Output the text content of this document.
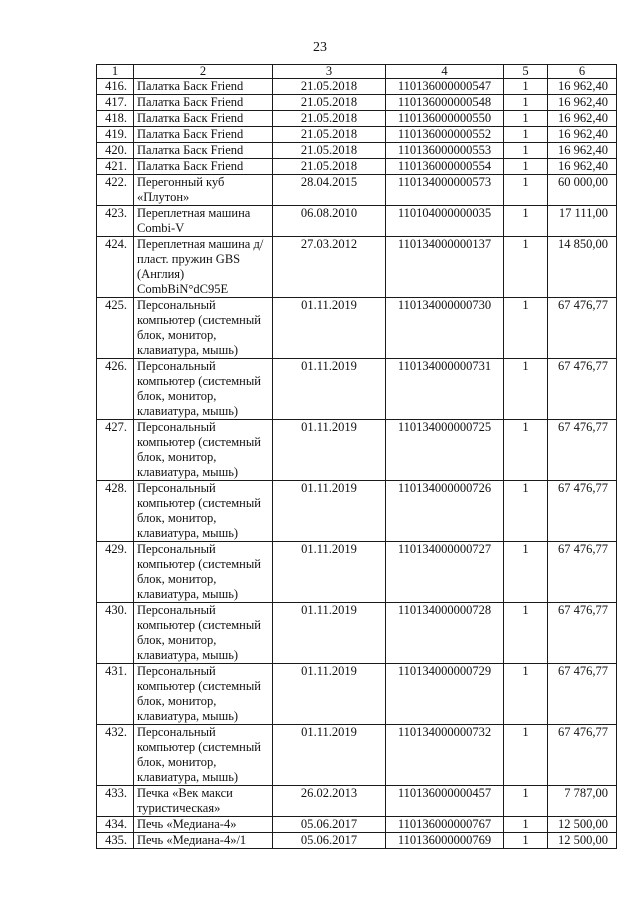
23
1	2	3	4	5	6
416.	Палатка Баск Friend	21.05.2018	110136000000547	1	16 962,40
417.	Палатка Баск Friend	21.05.2018	110136000000548	1	16 962,40
418.	Палатка Баск Friend	21.05.2018	110136000000550	1	16 962,40
419.	Палатка Баск Friend	21.05.2018	110136000000552	1	16 962,40
420.	Палатка Баск Friend	21.05.2018	110136000000553	1	16 962,40
421.	Палатка Баск Friend	21.05.2018	110136000000554	1	16 962,40
422.	Перегонный куб «Плутон»	28.04.2015	110134000000573	1	60 000,00
423.	Переплетная машина Combi-V	06.08.2010	110104000000035	1	17 111,00
424.	Переплетная машина д/пласт. пружин GBS (Англия) CombBiN°dC95E	27.03.2012	110134000000137	1	14 850,00
425.	Персональный компьютер (системный блок, монитор, клавиатура, мышь)	01.11.2019	110134000000730	1	67 476,77
426.	Персональный компьютер (системный блок, монитор, клавиатура, мышь)	01.11.2019	110134000000731	1	67 476,77
427.	Персональный компьютер (системный блок, монитор, клавиатура, мышь)	01.11.2019	110134000000725	1	67 476,77
428.	Персональный компьютер (системный блок, монитор, клавиатура, мышь)	01.11.2019	110134000000726	1	67 476,77
429.	Персональный компьютер (системный блок, монитор, клавиатура, мышь)	01.11.2019	110134000000727	1	67 476,77
430.	Персональный компьютер (системный блок, монитор, клавиатура, мышь)	01.11.2019	110134000000728	1	67 476,77
431.	Персональный компьютер (системный блок, монитор, клавиатура, мышь)	01.11.2019	110134000000729	1	67 476,77
432.	Персональный компьютер (системный блок, монитор, клавиатура, мышь)	01.11.2019	110134000000732	1	67 476,77
433.	Печка «Век макси туристическая»	26.02.2013	110136000000457	1	7 787,00
434.	Печь «Медиана-4»	05.06.2017	110136000000767	1	12 500,00
435.	Печь «Медиана-4»/1	05.06.2017	110136000000769	1	12 500,00
